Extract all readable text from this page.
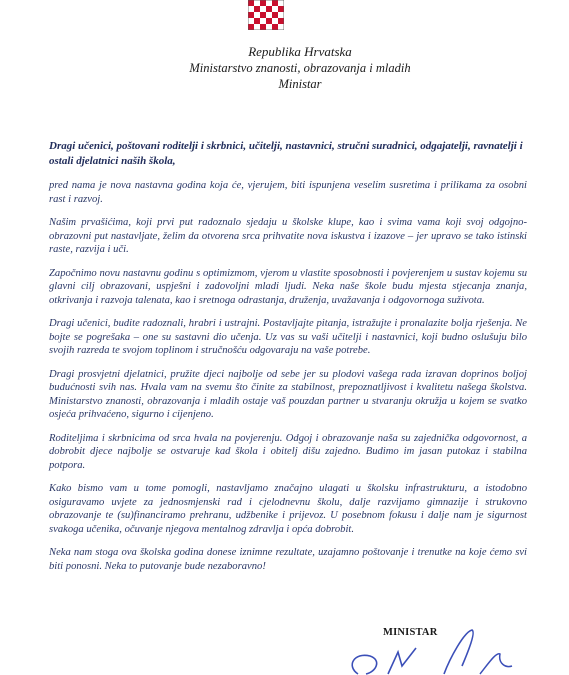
Republika Hrvatska
Ministarstvo znanosti, obrazovanja i mladih
Ministar
Dragi učenici, poštovani roditelji i skrbnici, učitelji, nastavnici, stručni suradnici, odgajatelji, ravnatelji i ostali djelatnici naših škola,

pred nama je nova nastavna godina koja će, vjerujem, biti ispunjena veselim susretima i prilikama za osobni rast i razvoj.

Našim prvašićima, koji prvi put radoznalo sjedaju u školske klupe, kao i svima vama koji svoj odgojno-obrazovni put nastavljate, želim da otvorena srca prihvatite nova iskustva i izazove – jer upravo se tako istinski raste, razvija i uči.

Započnimo novu nastavnu godinu s optimizmom, vjerom u vlastite sposobnosti i povjerenjem u sustav kojemu su glavni cilj obrazovani, uspješni i zadovoljni mladi ljudi. Neka naše škole budu mjesta stjecanja znanja, otkrivanja i razvoja talenata, kao i sretnoga odrastanja, druženja, uvažavanja i odgovornoga suživota.

Dragi učenici, budite radoznali, hrabri i ustrajni. Postavljajte pitanja, istražujte i pronalazite bolja rješenja. Ne bojte se pogrešaka – one su sastavni dio učenja. Uz vas su vaši učitelji i nastavnici, koji budno oslušuju bilo svojih razreda te svojom toplinom i stručnošću odgovaraju na vaše potrebe.

Dragi prosvjetni djelatnici, pružite djeci najbolje od sebe jer su plodovi vašega rada izravan doprinos boljoj budućnosti svih nas. Hvala vam na svemu što činite za stabilnost, prepoznatljivost i kvalitetu našega školstva. Ministarstvo znanosti, obrazovanja i mladih ostaje vaš pouzdan partner u stvaranju okružja u kojem se svatko osjeća prihvaćeno, sigurno i cijenjeno.

Roditeljima i skrbnicima od srca hvala na povjerenju. Odgoj i obrazovanje naša su zajednička odgovornost, a dobrobit djece najbolje se ostvaruje kad škola i obitelj dišu zajedno. Budimo im jasan putokaz i stabilna potpora.

Kako bismo vam u tome pomogli, nastavljamo značajno ulagati u školsku infrastrukturu, a istodobno osiguravamo uvjete za jednosmjenski rad i cjelodnevnu školu, dalje razvijamo gimnazije i strukovno obrazovanje te (su)financiramo prehranu, udžbenike i prijevoz. U posebnom fokusu i dalje nam je sigurnost svakoga učenika, očuvanje njegova mentalnog zdravlja i opća dobrobit.

Neka nam stoga ova školska godina donese iznimne rezultate, uzajamno poštovanje i trenutke na koje ćemo svi biti ponosni. Neka to putovanje bude nezaboravno!

MINISTAR
